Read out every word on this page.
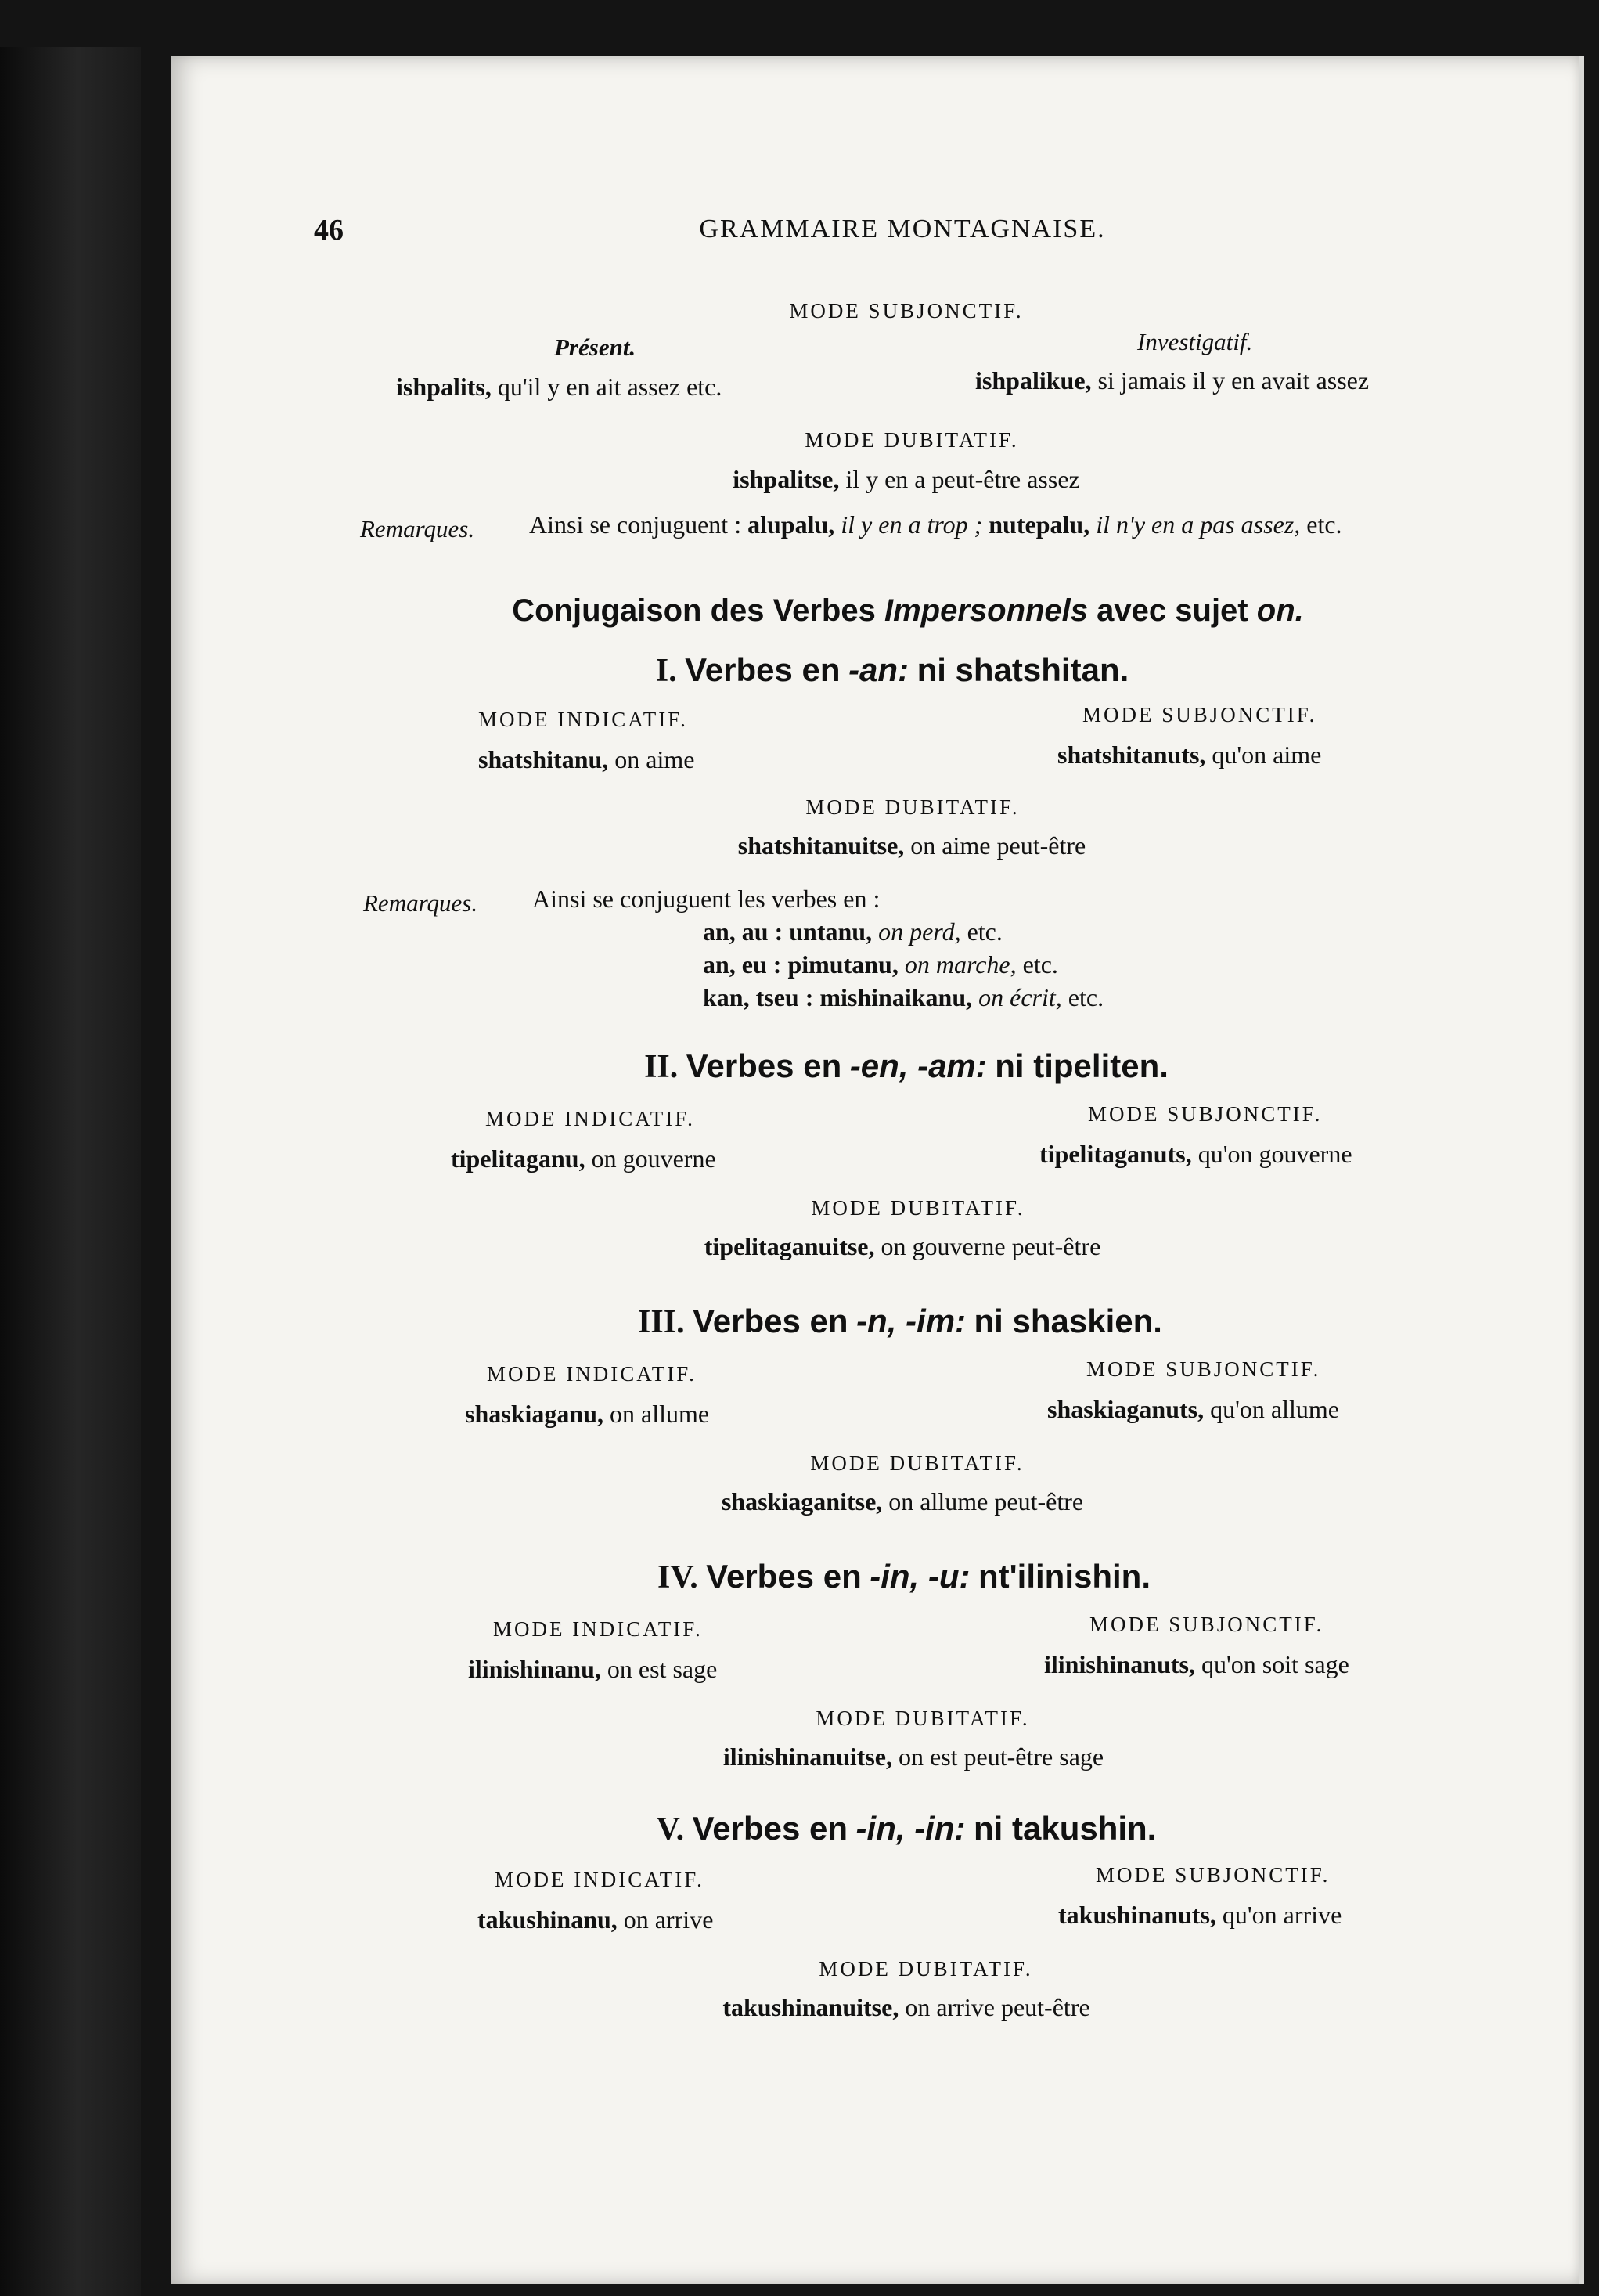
46	GRAMMAIRE MONTAGNAISE.
MODE SUBJONCTIF.
Présent.	Investigatif.
ishpalits, qu'il y en ait assez etc.	ishpalikue, si jamais il y en avait assez
MODE DUBITATIF.
ishpalitse, il y en a peut-être assez
Remarques. Ainsi se conjuguent : alupalu, il y en a trop ; nutepalu, il n'y en a pas assez, etc.
Conjugaison des Verbes Impersonnels avec sujet on.
I. Verbes en -an: ni shatshitan.
MODE INDICATIF.	MODE SUBJONCTIF.
shatshitanu, on aime	shatshitanuts, qu'on aime
MODE DUBITATIF.
shatshitanuitse, on aime peut-être
Remarques. Ainsi se conjuguent les verbes en :
an, au : untanu, on perd, etc.
an, eu : pimutanu, on marche, etc.
kan, tseu : mishinaikanu, on écrit, etc.
II. Verbes en -en, -am: ni tipeliten.
MODE INDICATIF.	MODE SUBJONCTIF.
tipelitaganu, on gouverne	tipelitaganuts, qu'on gouverne
MODE DUBITATIF.
tipelitaganuitse, on gouverne peut-être
III. Verbes en -n, -im: ni shaskien.
MODE INDICATIF.	MODE SUBJONCTIF.
shaskiaganu, on allume	shaskiaganuts, qu'on allume
MODE DUBITATIF.
shaskiaganitse, on allume peut-être
IV. Verbes en -in, -u: nt'ilinishin.
MODE INDICATIF.	MODE SUBJONCTIF.
ilinishinanu, on est sage	ilinishinanuts, qu'on soit sage
MODE DUBITATIF.
ilinishinanuitse, on est peut-être sage
V. Verbes en -in, -in: ni takushin.
MODE INDICATIF.	MODE SUBJONCTIF.
takushinanu, on arrive	takushinanuts, qu'on arrive
MODE DUBITATIF.
takushinanuitse, on arrive peut-être
